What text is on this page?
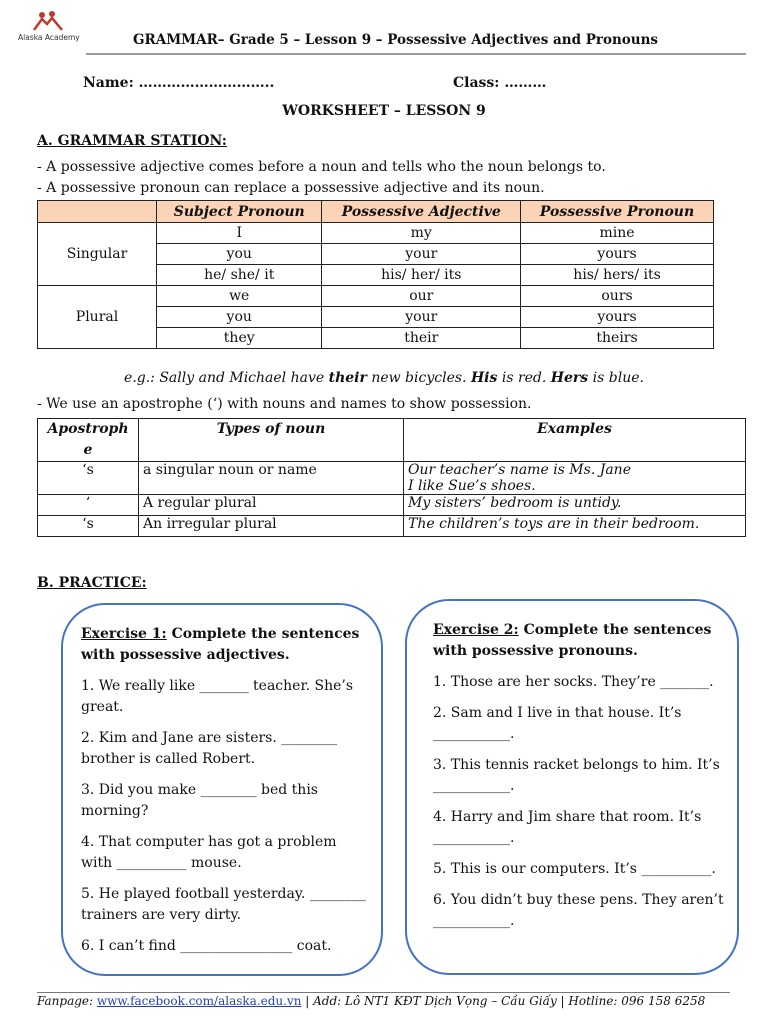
Alaska Academy	GRAMMAR– Grade 5 – Lesson 9 – Possessive Adjectives and Pronouns
Name: ………………………..	Class: ………
WORKSHEET – LESSON 9
A. GRAMMAR STATION:
- A possessive adjective comes before a noun and tells who the noun belongs to.
- A possessive pronoun can replace a possessive adjective and its noun.
	Subject Pronoun	Possessive Adjective	Possessive Pronoun
Singular	I	my	mine
	you	your	yours
	he/ she/ it	his/ her/ its	his/ hers/ its
Plural	we	our	ours
	you	your	yours
	they	their	theirs
e.g.: Sally and Michael have their new bicycles. His is red. Hers is blue.
- We use an apostrophe (‘) with nouns and names to show possession.
Apostroph e	Types of noun	Examples
‘s	a singular noun or name	Our teacher’s name is Ms. Jane
I like Sue’s shoes.

‘	A regular plural	My sisters’ bedroom is untidy.
‘s	An irregular plural	The children’s toys are in their bedroom.
B. PRACTICE:
Exercise 1: Complete the sentences with possessive adjectives.
1. We really like _______ teacher. She’s great.
2. Kim and Jane are sisters. ________ brother is called Robert.
3. Did you make ________ bed this morning?
4. That computer has got a problem with __________ mouse.
5. He played football yesterday. ________ trainers are very dirty.
6. I can’t find ________________ coat.
Exercise 2: Complete the sentences with possessive pronouns.
1. Those are her socks. They’re _______.
2. Sam and I live in that house. It’s ___________.
3. This tennis racket belongs to him. It’s ___________.
4. Harry and Jim share that room. It’s ___________.
5. This is our computers. It’s __________.
6. You didn’t buy these pens. They aren’t ___________.
Fanpage: www.facebook.com/alaska.edu.vn | Add: Lô NT1 KĐT Dịch Vọng – Cầu Giấy | Hotline: 096 158 6258
